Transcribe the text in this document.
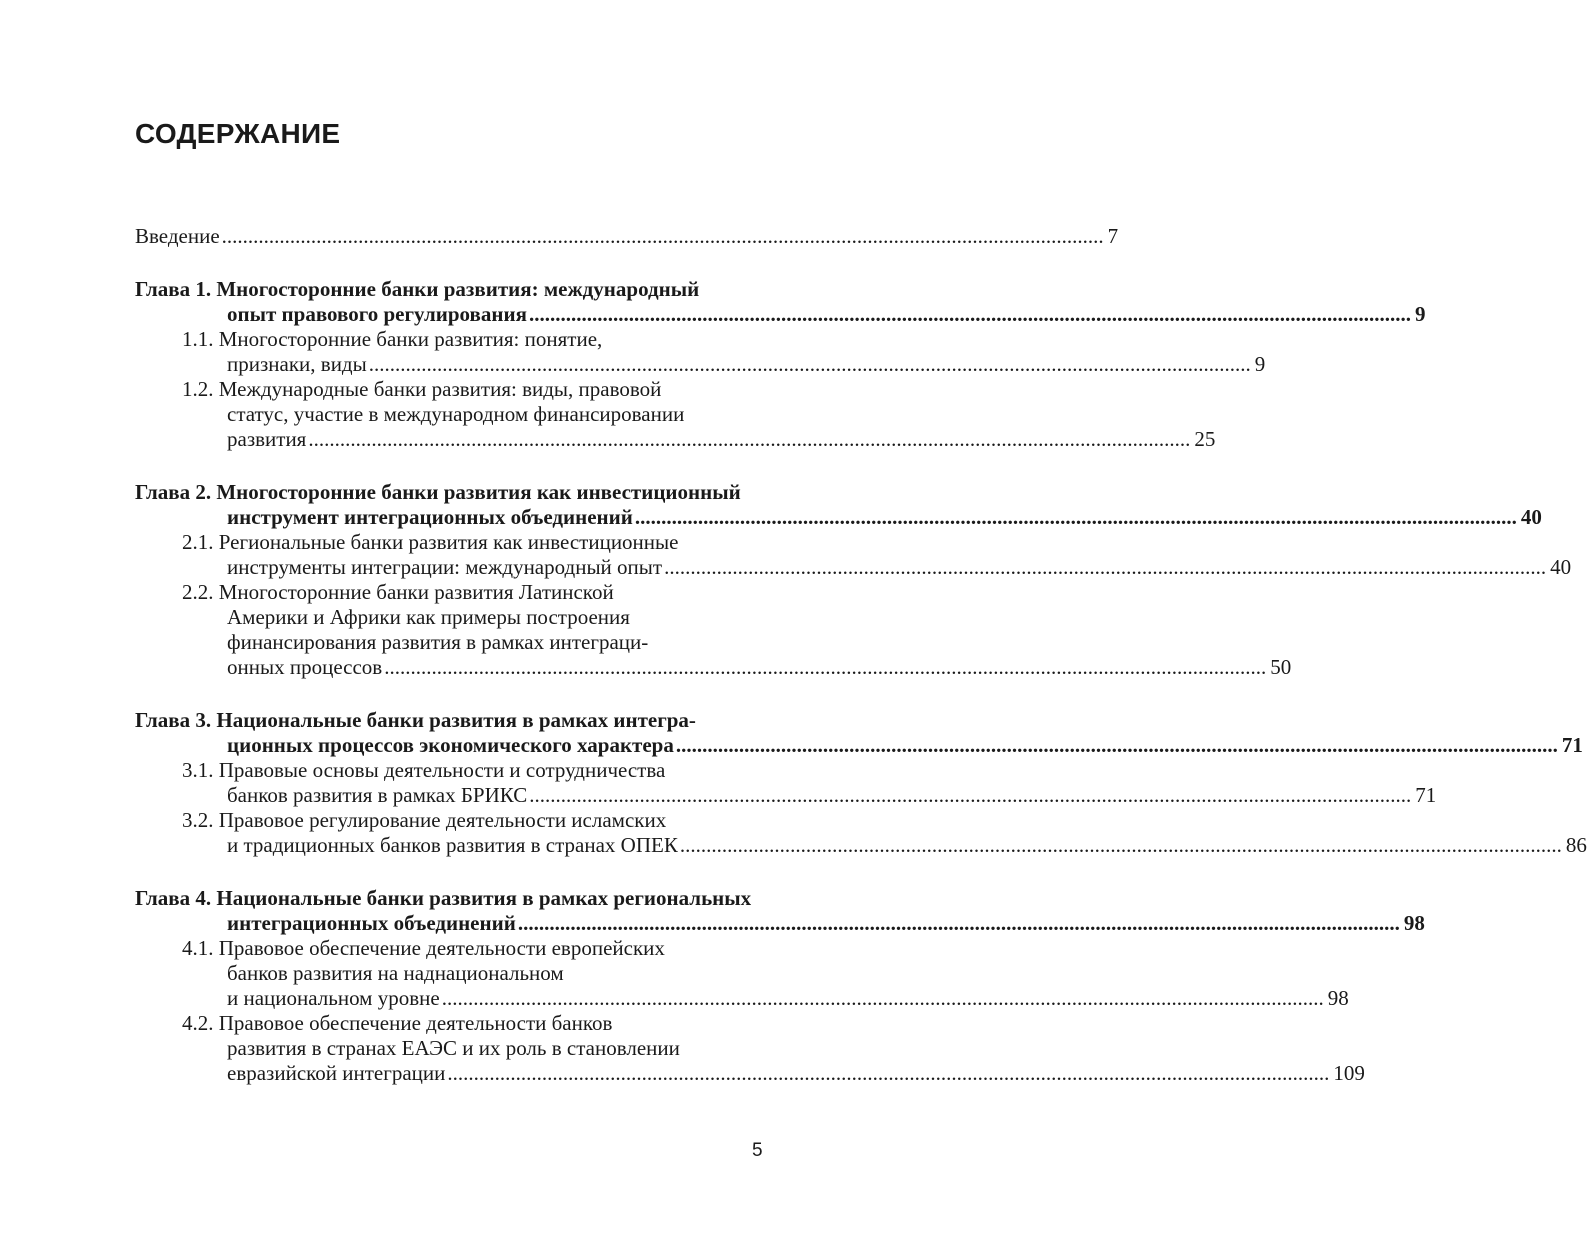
СОДЕРЖАНИЕ
Введение .....	7
Глава 1. Многосторонние банки развития: международный
опыт правового регулирования .....	9
1.1. Многосторонние банки развития: понятие,
признаки, виды .....	9
1.2. Международные банки развития: виды, правовой
статус, участие в международном финансировании
развития .....	25
Глава 2. Многосторонние банки развития как инвестиционный
инструмент интеграционных объединений .....	40
2.1. Региональные банки развития как инвестиционные
инструменты интеграции: международный опыт .....	40
2.2. Многосторонние банки развития Латинской
Америки и Африки как примеры построения
финансирования развития в рамках интеграци-
онных процессов .....	50
Глава 3. Национальные банки развития в рамках интегра-
ционных процессов экономического характера .....	71
3.1. Правовые основы деятельности и сотрудничества
банков развития в рамках БРИКС .....	71
3.2. Правовое регулирование деятельности исламских
и традиционных банков развития в странах ОПЕК .....	86
Глава 4. Национальные банки развития в рамках региональных
интеграционных объединений .....	98
4.1. Правовое обеспечение деятельности европейских
банков развития на наднациональном
и национальном уровне .....	98
4.2. Правовое обеспечение деятельности банков
развития в странах ЕАЭС и их роль в становлении
евразийской интеграции .....	109
5
